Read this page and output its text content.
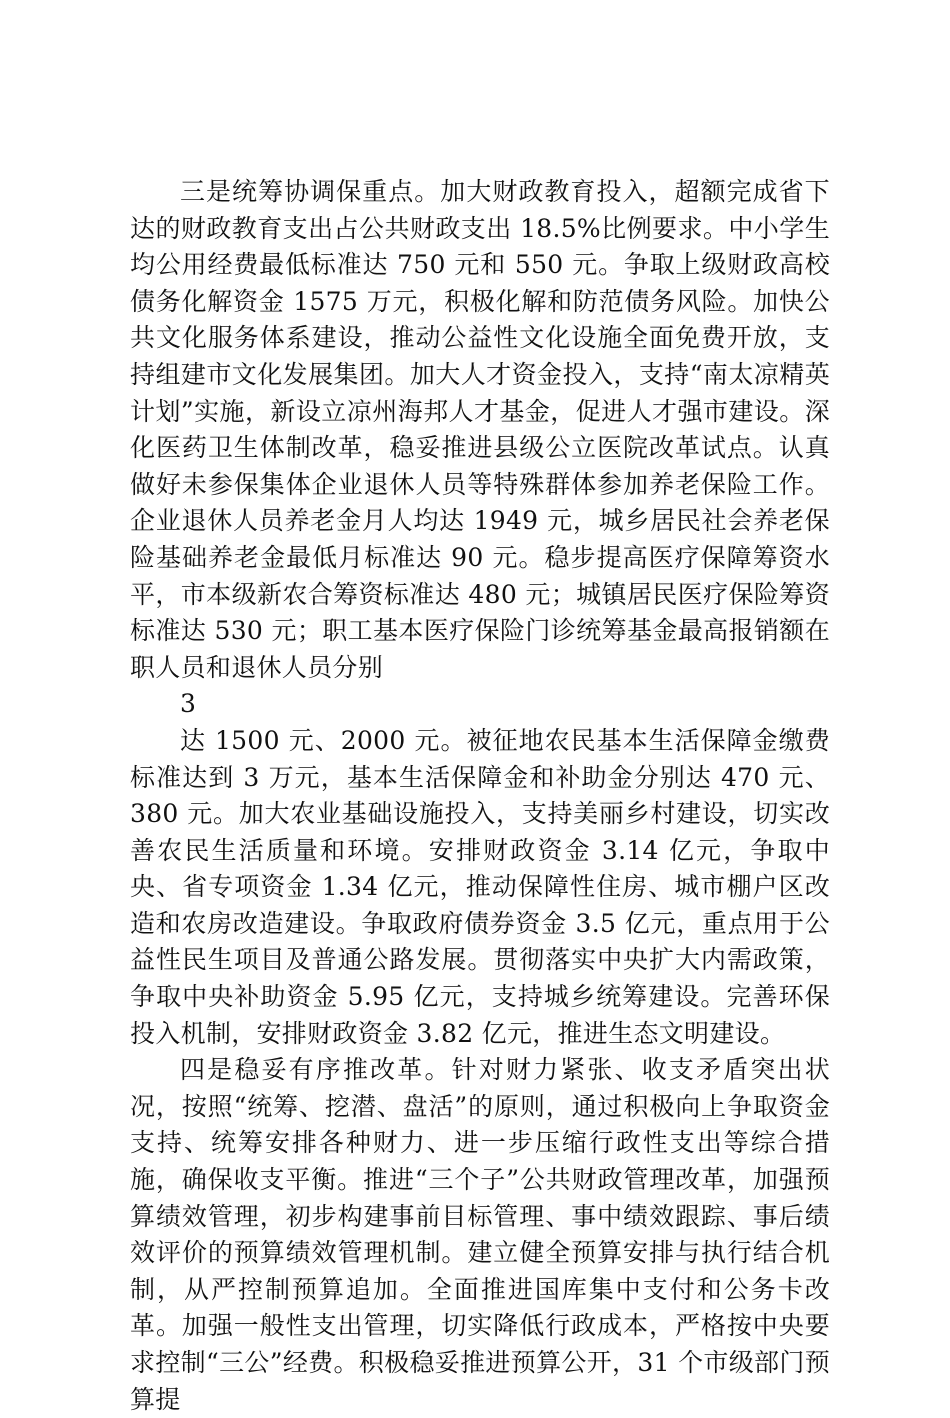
三是统筹协调保重点。加大财政教育投入，超额完成省下达的财政教育支出占公共财政支出 18.5%比例要求。中小学生均公用经费最低标准达 750 元和 550 元。争取上级财政高校债务化解资金 1575 万元，积极化解和防范债务风险。加快公共文化服务体系建设，推动公益性文化设施全面免费开放，支持组建市文化发展集团。加大人才资金投入，支持“南太凉精英计划”实施，新设立凉州海邦人才基金，促进人才强市建设。深化医药卫生体制改革，稳妥推进县级公立医院改革试点。认真做好未参保集体企业退休人员等特殊群体参加养老保险工作。企业退休人员养老金月人均达 1949 元，城乡居民社会养老保险基础养老金最低月标准达 90 元。稳步提高医疗保障筹资水平，市本级新农合筹资标准达 480 元；城镇居民医疗保险筹资标准达 530 元；职工基本医疗保险门诊统筹基金最高报销额在职人员和退休人员分别

3

达 1500 元、2000 元。被征地农民基本生活保障金缴费标准达到 3 万元，基本生活保障金和补助金分别达 470 元、380 元。加大农业基础设施投入，支持美丽乡村建设，切实改善农民生活质量和环境。安排财政资金 3.14 亿元，争取中央、省专项资金 1.34 亿元，推动保障性住房、城市棚户区改造和农房改造建设。争取政府债券资金 3.5 亿元，重点用于公益性民生项目及普通公路发展。贯彻落实中央扩大内需政策，争取中央补助资金 5.95 亿元，支持城乡统筹建设。完善环保投入机制，安排财政资金 3.82 亿元，推进生态文明建设。

四是稳妥有序推改革。针对财力紧张、收支矛盾突出状况，按照“统筹、挖潜、盘活”的原则，通过积极向上争取资金支持、统筹安排各种财力、进一步压缩行政性支出等综合措施，确保收支平衡。推进“三个子”公共财政管理改革，加强预算绩效管理，初步构建事前目标管理、事中绩效跟踪、事后绩效评价的预算绩效管理机制。建立健全预算安排与执行结合机制，从严控制预算追加。全面推进国库集中支付和公务卡改革。加强一般性支出管理，切实降低行政成本，严格按中央要求控制“三公”经费。积极稳妥推进预算公开，31 个市级部门预算提
